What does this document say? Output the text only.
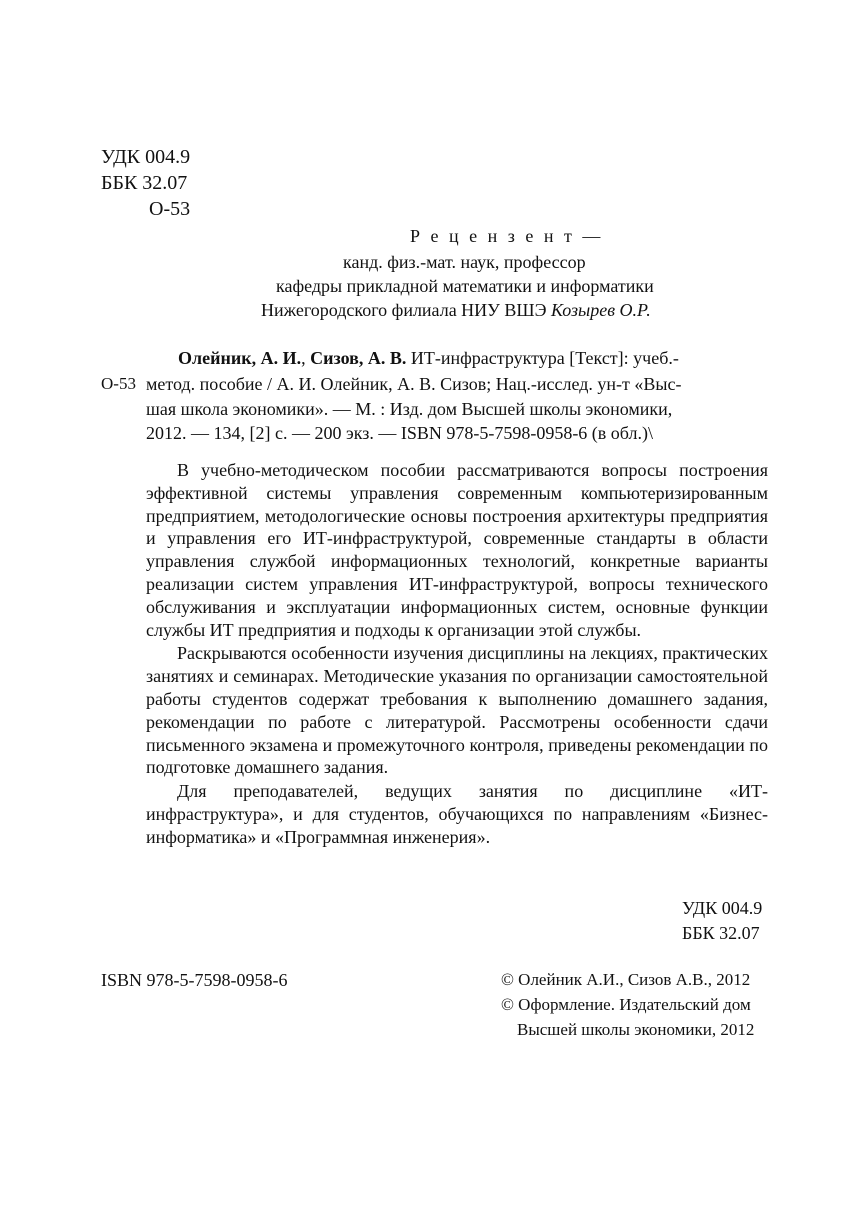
УДК 004.9
ББК 32.07
О-53
Р е ц е н з е н т —
канд. физ.-мат. наук, профессор
кафедры прикладной математики и информатики
Нижегородского филиала НИУ ВШЭ Козырев О.Р.
Олейник, А. И., Сизов, А. В. ИТ-инфраструктура [Текст]: учеб.-
О-53 метод. пособие / А. И. Олейник, А. В. Сизов; Нац.-исслед. ун-т «Выс-
шая школа экономики». — М. : Изд. дом Высшей школы экономики,
2012. — 134, [2] с. — 200 экз. — ISBN 978-5-7598-0958-6 (в обл.)\

В учебно-методическом пособии рассматриваются вопросы построения эффективной системы управления современным компьютеризированным предприятием, методологические основы построения архитектуры предприятия и управления его ИТ-инфраструктурой, современные стандарты в области управления службой информационных технологий, конкретные варианты реализации систем управления ИТ-инфраструктурой, вопросы технического обслуживания и эксплуатации информационных систем, основные функции службы ИТ предприятия и подходы к организации этой службы.

Раскрываются особенности изучения дисциплины на лекциях, практических занятиях и семинарах. Методические указания по организации самостоятельной работы студентов содержат требования к выполнению домашнего задания, рекомендации по работе с литературой. Рассмотрены особенности сдачи письменного экзамена и промежуточного контроля, приведены рекомендации по подготовке домашнего задания.

Для преподавателей, ведущих занятия по дисциплине «ИТ-инфраструктура», и для студентов, обучающихся по направлениям «Бизнес-информатика» и «Программная инженерия».

УДК 004.9
ББК 32.07
ISBN 978-5-7598-0958-6	© Олейник А.И., Сизов А.В., 2012
© Оформление. Издательский дом
Высшей школы экономики, 2012
